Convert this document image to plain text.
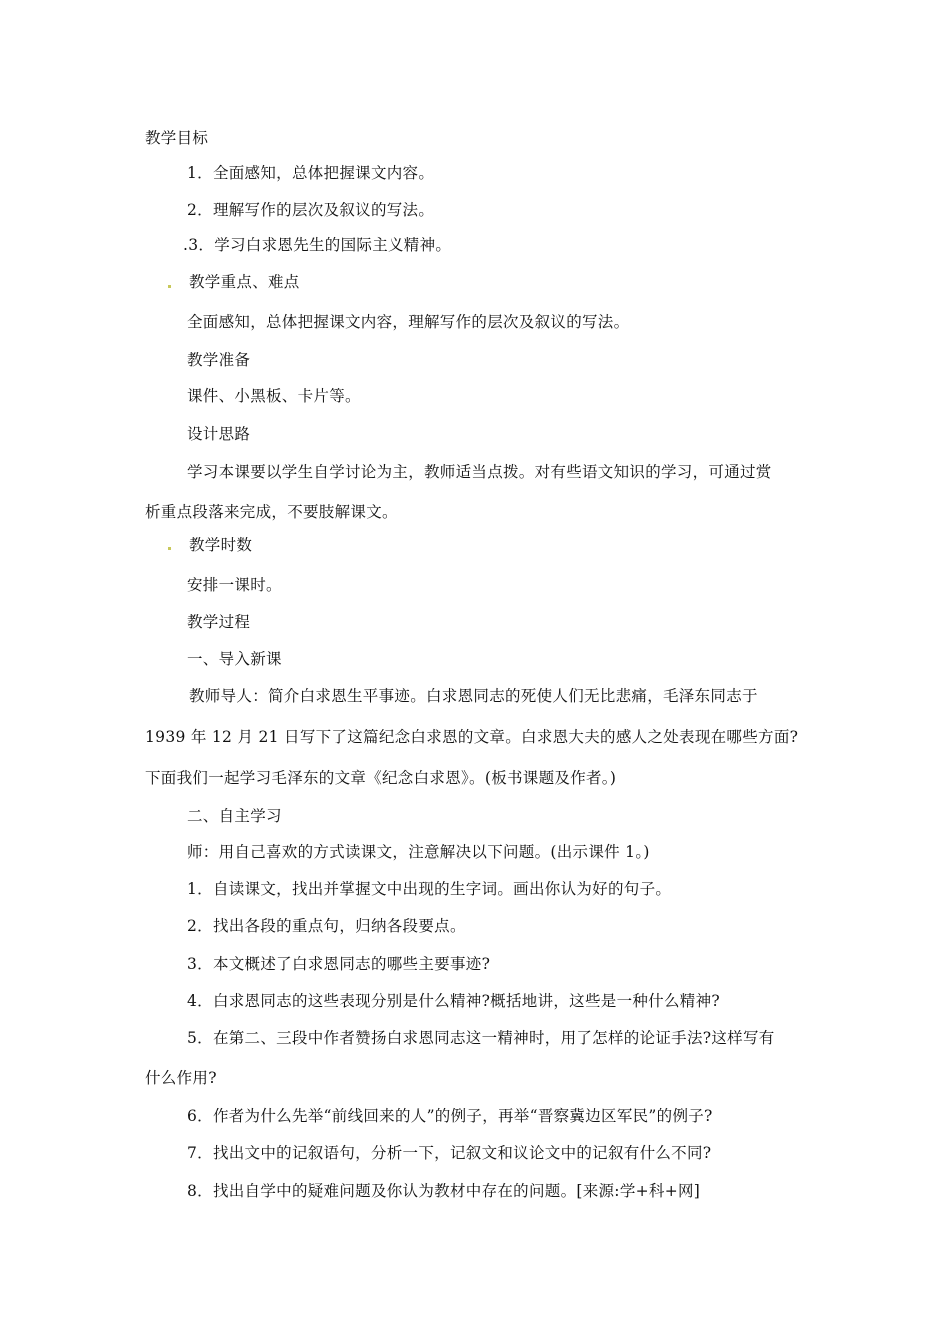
教学目标
1．全面感知，总体把握课文内容。
2．理解写作的层次及叙议的写法。
.3．学习白求恩先生的国际主义精神。
教学重点、难点
全面感知，总体把握课文内容，理解写作的层次及叙议的写法。
教学准备
课件、小黑板、卡片等。
设计思路
学习本课要以学生自学讨论为主，教师适当点拨。对有些语文知识的学习，可通过赏
析重点段落来完成，不要肢解课文。
教学时数
安排一课时。
教学过程
一、导入新课
教师导人：简介白求恩生平事迹。白求恩同志的死使人们无比悲痛，毛泽东同志于
1939 年 12 月 21 日写下了这篇纪念白求恩的文章。白求恩大夫的感人之处表现在哪些方面?
下面我们一起学习毛泽东的文章《纪念白求恩》。(板书课题及作者。)
二、自主学习
师：用自己喜欢的方式读课文，注意解决以下问题。(出示课件 1。)
1．自读课文，找出并掌握文中出现的生字词。画出你认为好的句子。
2．找出各段的重点句，归纳各段要点。
3．本文概述了白求恩同志的哪些主要事迹?
4．白求恩同志的这些表现分别是什么精神?概括地讲，这些是一种什么精神?
5．在第二、三段中作者赞扬白求恩同志这一精神时，用了怎样的论证手法?这样写有
什么作用?
6．作者为什么先举“前线回来的人”的例子，再举“晋察冀边区军民”的例子?
7．找出文中的记叙语句，分析一下，记叙文和议论文中的记叙有什么不同?
8．找出自学中的疑难问题及你认为教材中存在的问题。[来源:学+科+网]
